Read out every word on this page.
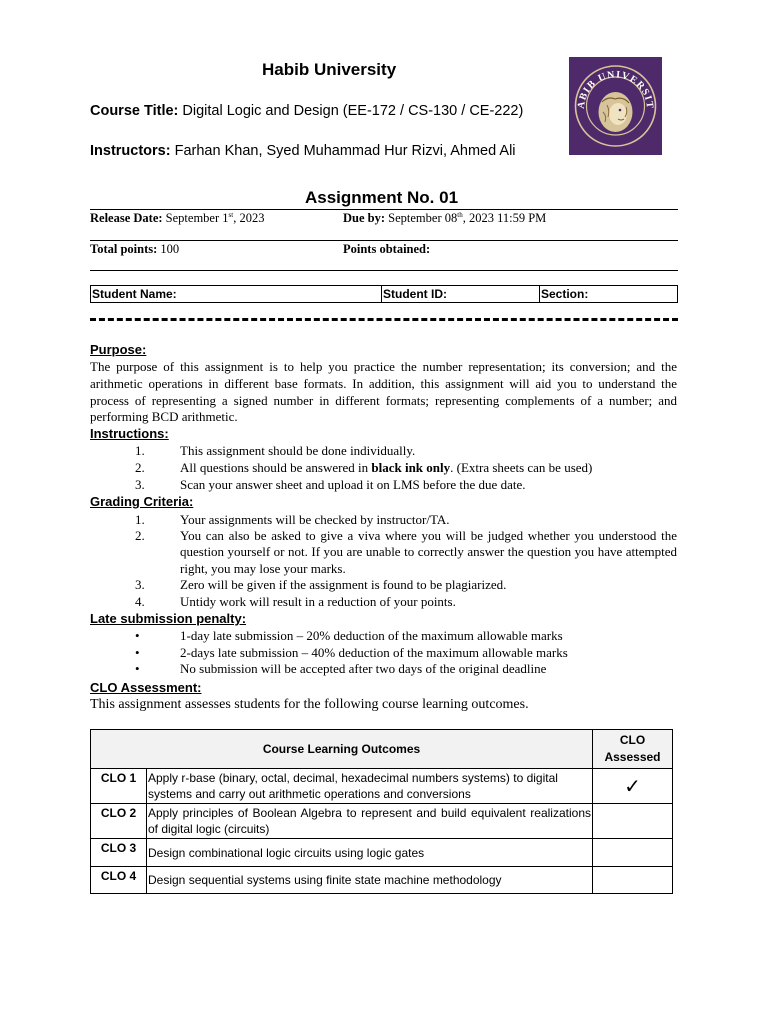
Habib University
Course Title: Digital Logic and Design (EE-172 / CS-130 / CE-222)
Instructors: Farhan Khan, Syed Muhammad Hur Rizvi, Ahmed Ali
ABIB UNIVERSIT
Assignment No. 01
Release Date: September 1st, 2023	Due by: September 08th, 2023 11:59 PM
Total points: 100	Points obtained:
Student Name:	Student ID:	Section:
Purpose:
The purpose of this assignment is to help you practice the number representation; its conversion; and the arithmetic operations in different base formats. In addition, this assignment will aid you to understand the process of representing a signed number in different formats; representing complements of a number; and performing BCD arithmetic.
Instructions:
1.	This assignment should be done individually.
2.	All questions should be answered in black ink only. (Extra sheets can be used)
3.	Scan your answer sheet and upload it on LMS before the due date.
Grading Criteria:
1.	Your assignments will be checked by instructor/TA.
2.	You can also be asked to give a viva where you will be judged whether you understood the question yourself or not. If you are unable to correctly answer the question you have attempted right, you may lose your marks.
3.	Zero will be given if the assignment is found to be plagiarized.
4.	Untidy work will result in a reduction of your points.
Late submission penalty:
•	1-day late submission – 20% deduction of the maximum allowable marks
•	2-days late submission – 40% deduction of the maximum allowable marks
•	No submission will be accepted after two days of the original deadline
CLO Assessment:
This assignment assesses students for the following course learning outcomes.
Course Learning Outcomes		CLO Assessed
CLO 1	Apply r-base (binary, octal, decimal, hexadecimal numbers systems) to digital systems and carry out arithmetic operations and conversions	✓
CLO 2	Apply principles of Boolean Algebra to represent and build equivalent realizations of digital logic (circuits)	
CLO 3	Design combinational logic circuits using logic gates	
CLO 4	Design sequential systems using finite state machine methodology	
